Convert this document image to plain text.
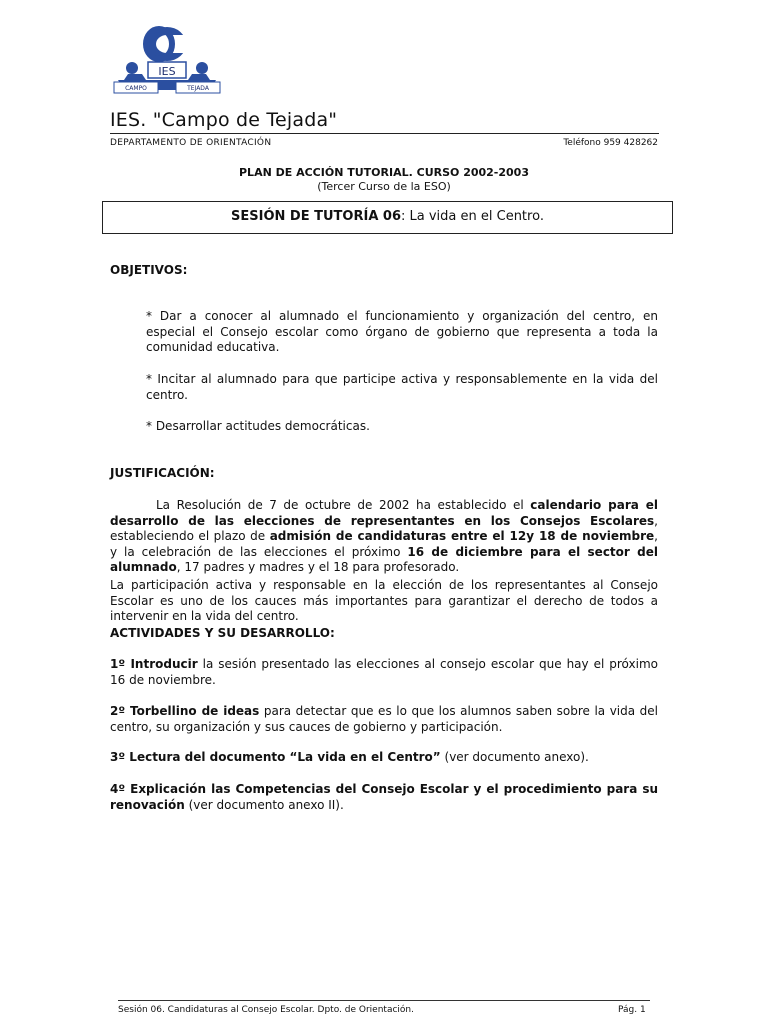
IES
CAMPO	TEJADA
IES. "Campo de Tejada"
DEPARTAMENTO DE ORIENTACIÓN	Teléfono 959 428262
PLAN DE ACCIÓN TUTORIAL. CURSO 2002-2003
(Tercer Curso de la ESO)
SESIÓN DE TUTORÍA 06: La vida en el Centro.
OBJETIVOS:
* Dar a conocer al alumnado el funcionamiento y organización del centro, en especial el Consejo escolar como órgano de gobierno que representa a toda la comunidad educativa.
* Incitar al alumnado para que participe activa y responsablemente en la vida del centro.
* Desarrollar actitudes democráticas.
JUSTIFICACIÓN:
La Resolución de 7 de octubre de 2002 ha establecido el calendario para el desarrollo de las elecciones de representantes en los Consejos Escolares, estableciendo el plazo de admisión de candidaturas entre el 12y 18 de noviembre, y la celebración de las elecciones el próximo 16 de diciembre para el sector del alumnado, 17 padres y madres y el 18 para profesorado.
La participación activa y responsable en la elección de los representantes al Consejo Escolar es uno de los cauces más importantes para garantizar el derecho de todos a intervenir en la vida del centro.
ACTIVIDADES Y SU DESARROLLO:
1º Introducir la sesión presentado las elecciones al consejo escolar que hay el próximo 16 de noviembre.
2º Torbellino de ideas para detectar que es lo que los alumnos saben sobre la vida del centro, su organización y sus cauces de gobierno y participación.
3º Lectura del documento “La vida en el Centro” (ver documento anexo).
4º Explicación las Competencias del Consejo Escolar y el procedimiento para su renovación (ver documento anexo II).
Sesión 06. Candidaturas al Consejo Escolar. Dpto. de Orientación.	Pág. 1
